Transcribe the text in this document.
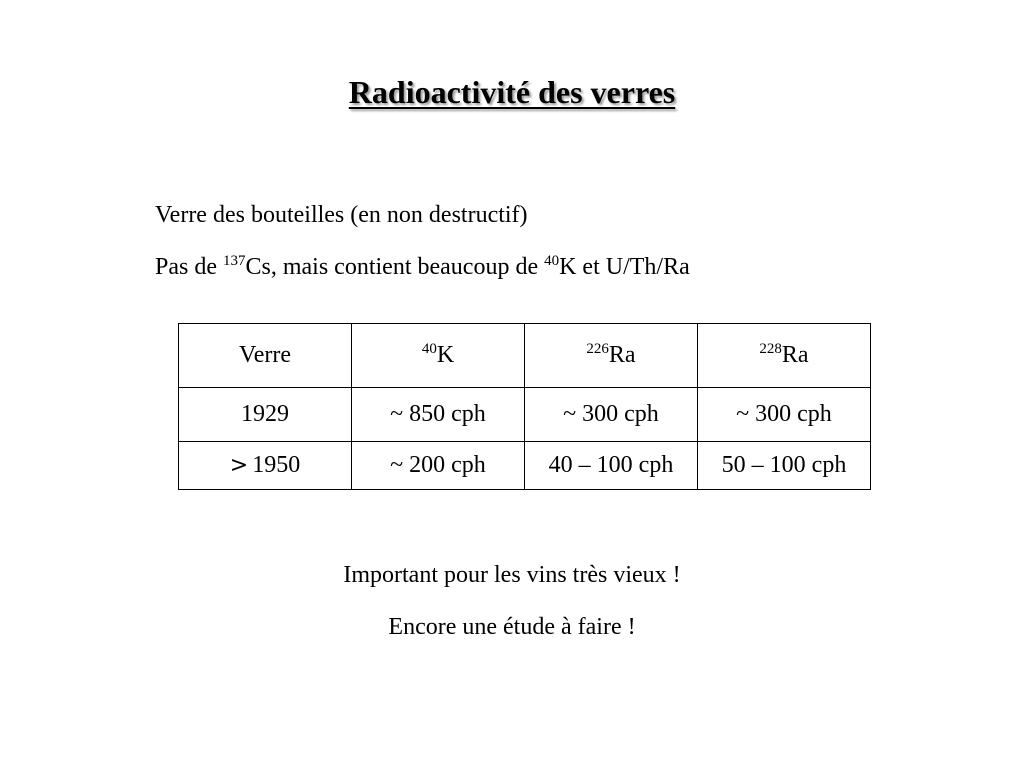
Radioactivité des verres
Verre des bouteilles (en non destructif)
Pas de $^{137}$Cs, mais contient beaucoup de $^{40}$K et U/Th/Ra
Verre	$^{40}$K	$^{226}$Ra	$^{228}$Ra
1929	~ 850 cph	~ 300 cph	~ 300 cph
> 1950	~ 200 cph	40 – 100 cph	50 – 100 cph
Important pour les vins très vieux !
Encore une étude à faire !
